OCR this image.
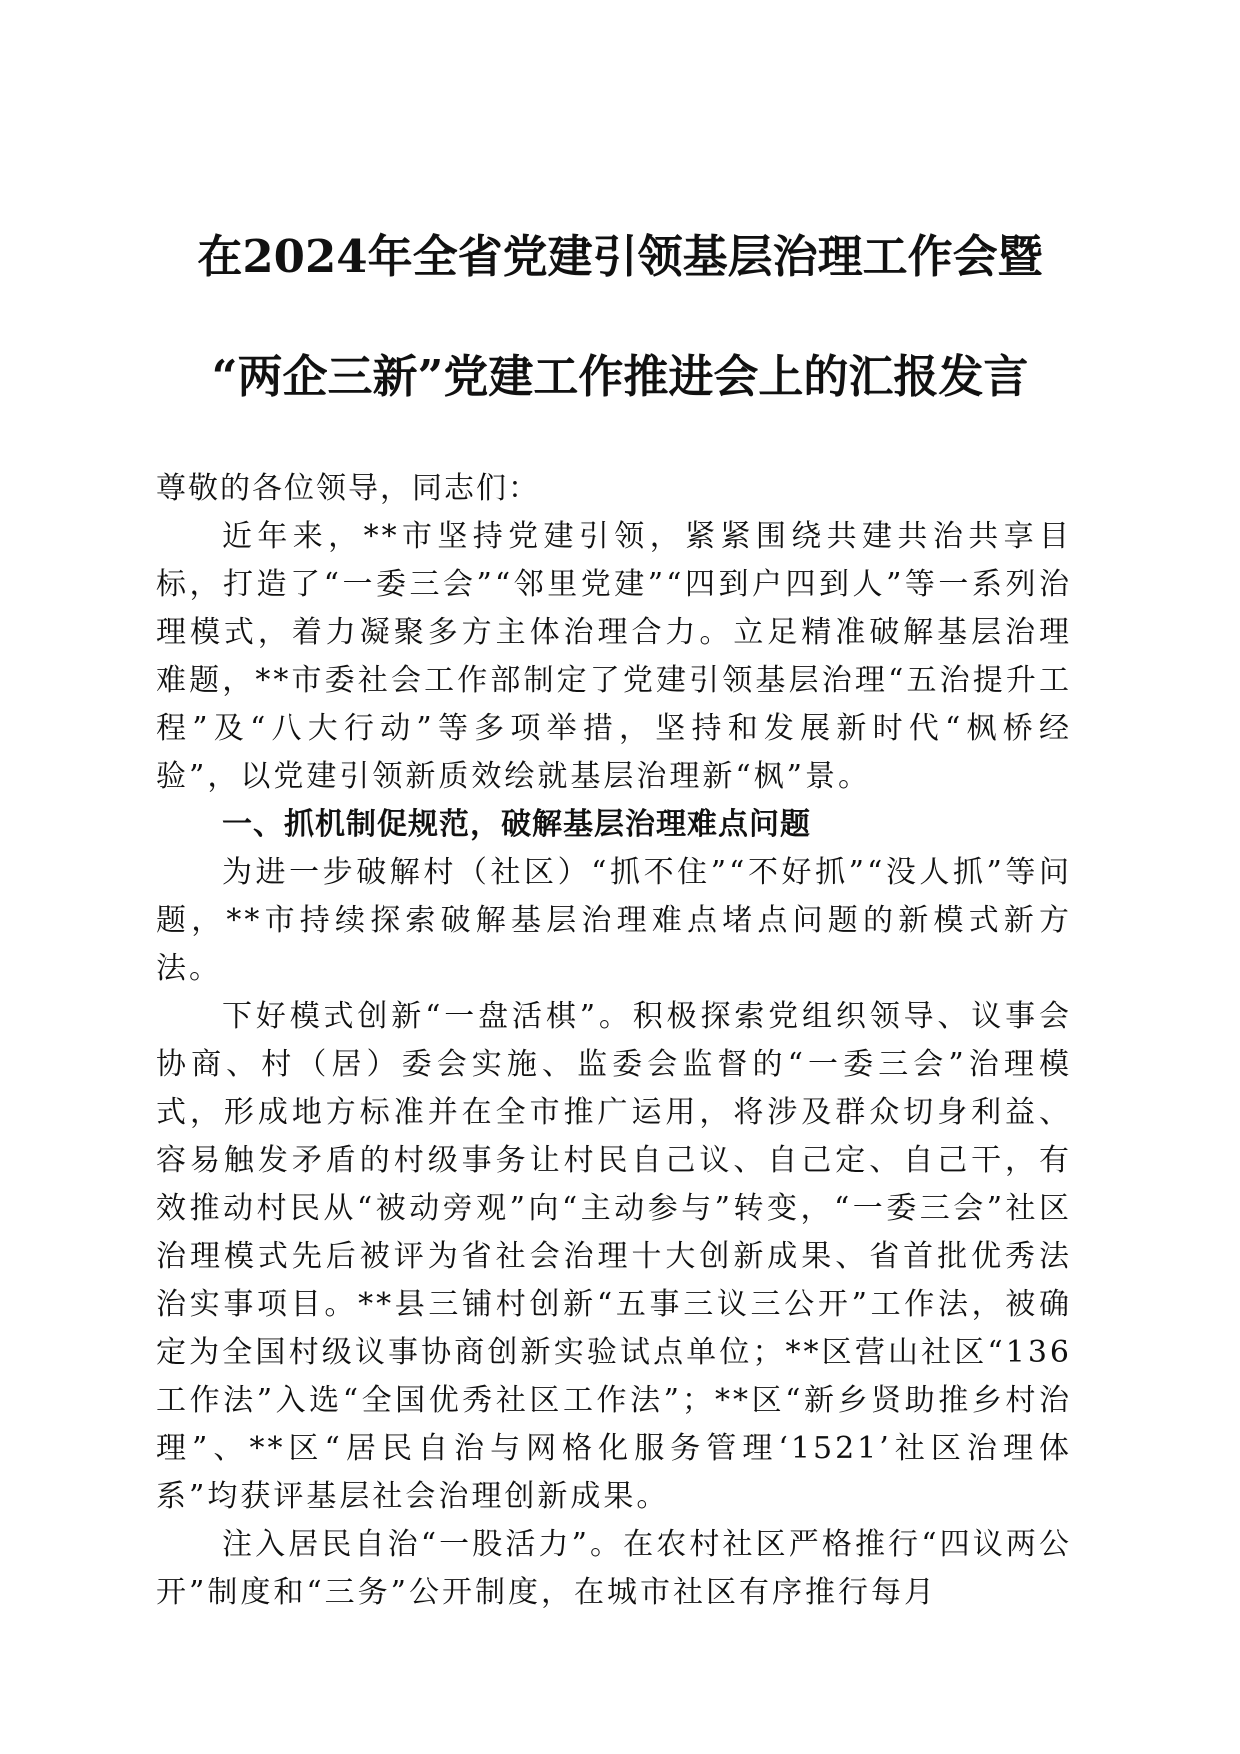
在2024年全省党建引领基层治理工作会暨
“两企三新”党建工作推进会上的汇报发言

尊敬的各位领导，同志们：

近年来，**市坚持党建引领，紧紧围绕共建共治共享目标，打造了“一委三会”“邻里党建”“四到户四到人”等一系列治理模式，着力凝聚多方主体治理合力。立足精准破解基层治理难题，**市委社会工作部制定了党建引领基层治理“五治提升工程”及“八大行动”等多项举措，坚持和发展新时代“枫桥经验”，以党建引领新质效绘就基层治理新“枫”景。

一、抓机制促规范，破解基层治理难点问题

为进一步破解村（社区）“抓不住”“不好抓”“没人抓”等问题，**市持续探索破解基层治理难点堵点问题的新模式新方法。

下好模式创新“一盘活棋”。积极探索党组织领导、议事会协商、村（居）委会实施、监委会监督的“一委三会”治理模式，形成地方标准并在全市推广运用，将涉及群众切身利益、容易触发矛盾的村级事务让村民自己议、自己定、自己干，有效推动村民从“被动旁观”向“主动参与”转变，“一委三会”社区治理模式先后被评为省社会治理十大创新成果、省首批优秀法治实事项目。**县三铺村创新“五事三议三公开”工作法，被确定为全国村级议事协商创新实验试点单位；**区营山社区“136工作法”入选“全国优秀社区工作法”；**区“新乡贤助推乡村治理”、**区“居民自治与网格化服务管理‘1521’社区治理体系”均获评基层社会治理创新成果。

注入居民自治“一股活力”。在农村社区严格推行“四议两公开”制度和“三务”公开制度，在城市社区有序推行每月
